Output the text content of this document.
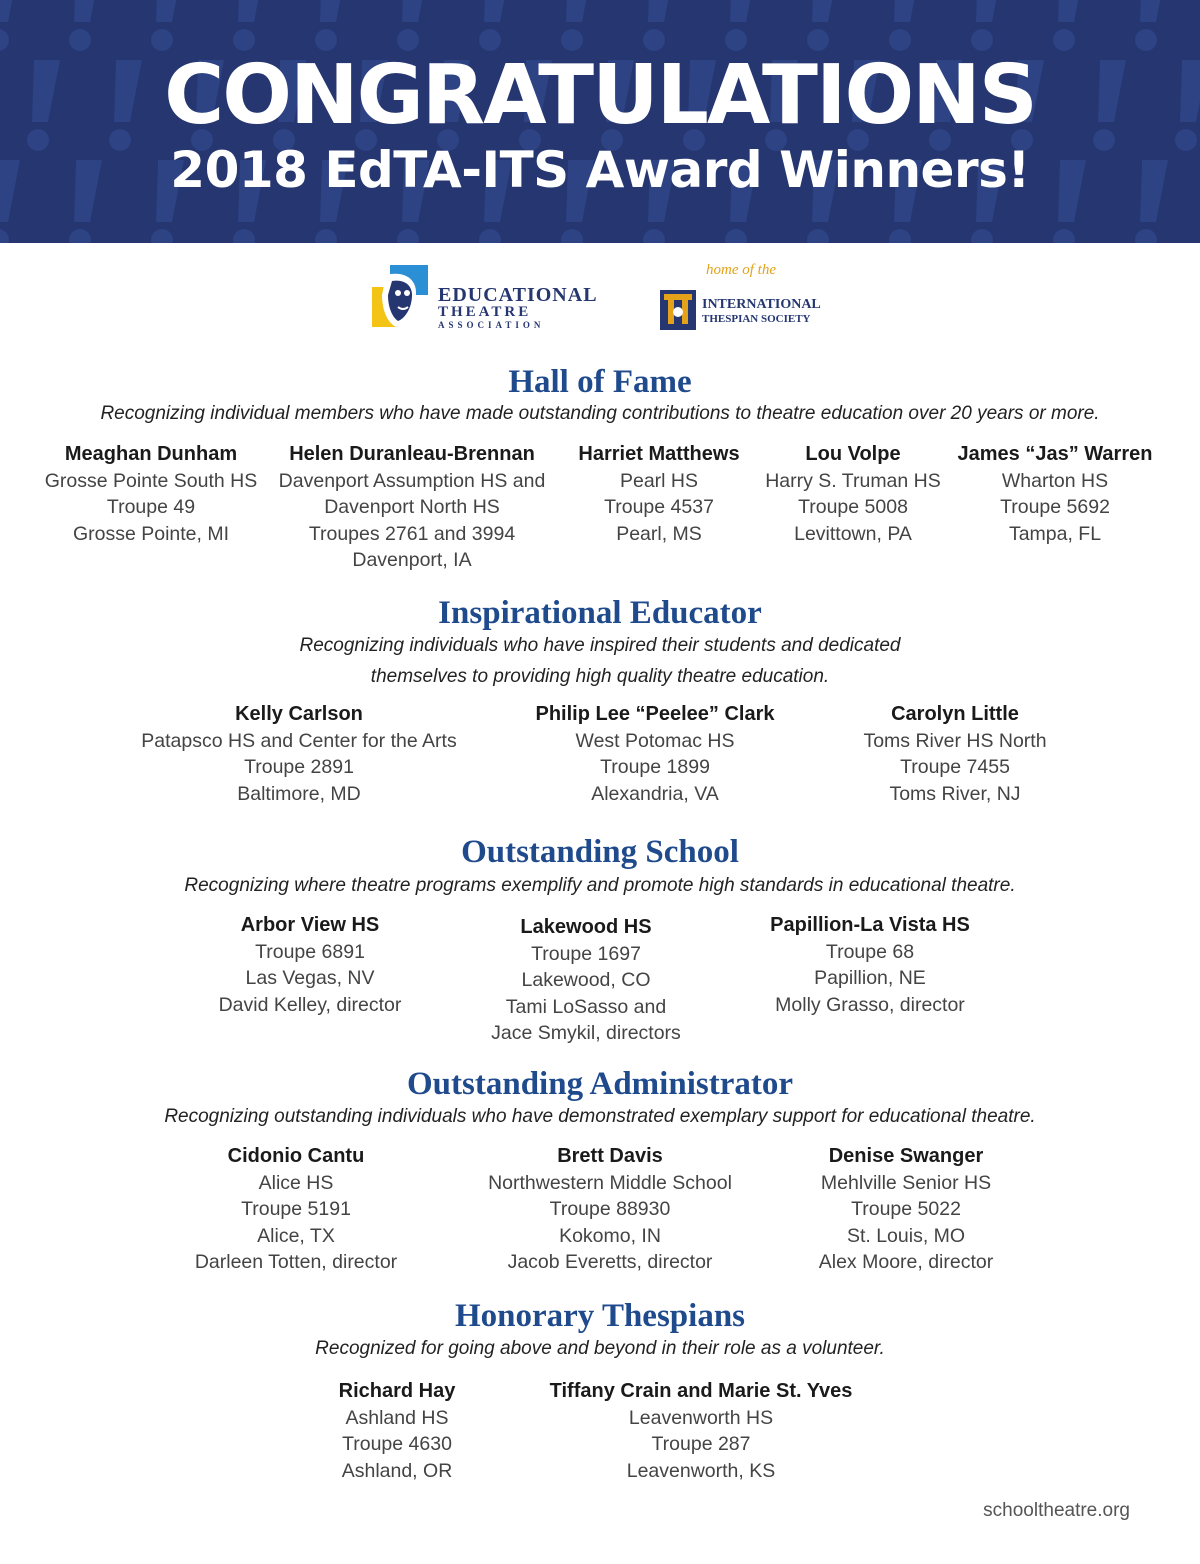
CONGRATULATIONS
2018 EdTA-ITS Award Winners!
EDUCATIONAL
THEATRE
ASSOCIATION
home of the
INTERNATIONAL
THESPIAN SOCIETY
Hall of Fame

Recognizing individual members who have made outstanding contributions to theatre education over 20 years or more.

Meaghan Dunham
Grosse Pointe South HS
Troupe 49
Grosse Pointe, MI
Helen Duranleau-Brennan
Davenport Assumption HS and
Davenport North HS
Troupes 2761 and 3994
Davenport, IA
Harriet Matthews
Pearl HS
Troupe 4537
Pearl, MS
Lou Volpe
Harry S. Truman HS
Troupe 5008
Levittown, PA
James “Jas” Warren
Wharton HS
Troupe 5692
Tampa, FL
Inspirational Educator

Recognizing individuals who have inspired their students and dedicated
themselves to providing high quality theatre education.

Kelly Carlson
Patapsco HS and Center for the Arts
Troupe 2891
Baltimore, MD
Philip Lee “Peelee” Clark
West Potomac HS
Troupe 1899
Alexandria, VA
Carolyn Little
Toms River HS North
Troupe 7455
Toms River, NJ
Outstanding School

Recognizing where theatre programs exemplify and promote high standards in educational theatre.

Arbor View HS
Troupe 6891
Las Vegas, NV
David Kelley, director
Lakewood HS
Troupe 1697
Lakewood, CO
Tami LoSasso and
Jace Smykil, directors
Papillion-La Vista HS
Troupe 68
Papillion, NE
Molly Grasso, director
Outstanding Administrator

Recognizing outstanding individuals who have demonstrated exemplary support for educational theatre.

Cidonio Cantu
Alice HS
Troupe 5191
Alice, TX
Darleen Totten, director
Brett Davis
Northwestern Middle School
Troupe 88930
Kokomo, IN
Jacob Everetts, director
Denise Swanger
Mehlville Senior HS
Troupe 5022
St. Louis, MO
Alex Moore, director
Honorary Thespians

Recognized for going above and beyond in their role as a volunteer.

Richard Hay
Ashland HS
Troupe 4630
Ashland, OR
Tiffany Crain and Marie St. Yves
Leavenworth HS
Troupe 287
Leavenworth, KS
schooltheatre.org
